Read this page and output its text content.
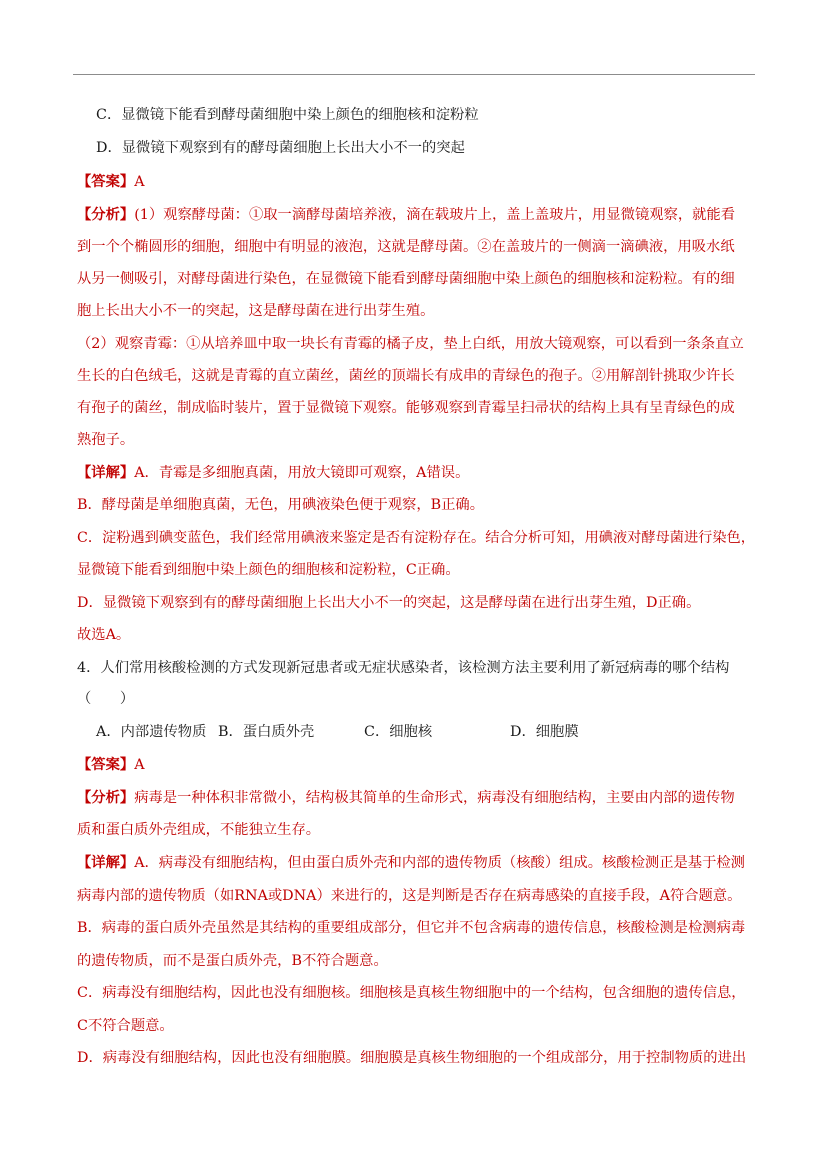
C．显微镜下能看到酵母菌细胞中染上颜色的细胞核和淀粉粒
D．显微镜下观察到有的酵母菌细胞上长出大小不一的突起
【答案】A
【分析】(1）观察酵母菌：①取一滴酵母菌培养液，滴在载玻片上，盖上盖玻片，用显微镜观察，就能看
到一个个椭圆形的细胞，细胞中有明显的液泡，这就是酵母菌。②在盖玻片的一侧滴一滴碘液，用吸水纸
从另一侧吸引，对酵母菌进行染色，在显微镜下能看到酵母菌细胞中染上颜色的细胞核和淀粉粒。有的细
胞上长出大小不一的突起，这是酵母菌在进行出芽生殖。
（2）观察青霉：①从培养皿中取一块长有青霉的橘子皮，垫上白纸，用放大镜观察，可以看到一条条直立
生长的白色绒毛，这就是青霉的直立菌丝，菌丝的顶端长有成串的青绿色的孢子。②用解剖针挑取少许长
有孢子的菌丝，制成临时装片，置于显微镜下观察。能够观察到青霉呈扫帚状的结构上具有呈青绿色的成
熟孢子。
【详解】A．青霉是多细胞真菌，用放大镜即可观察，A错误。
B．酵母菌是单细胞真菌，无色，用碘液染色便于观察，B正确。
C．淀粉遇到碘变蓝色，我们经常用碘液来鉴定是否有淀粉存在。结合分析可知，用碘液对酵母菌进行染色，
显微镜下能看到细胞中染上颜色的细胞核和淀粉粒，C正确。
D．显微镜下观察到有的酵母菌细胞上长出大小不一的突起，这是酵母菌在进行出芽生殖，D正确。
故选A。
4．人们常用核酸检测的方式发现新冠患者或无症状感染者，该检测方法主要利用了新冠病毒的哪个结构
（　　）
【答案】A
【分析】病毒是一种体积非常微小，结构极其简单的生命形式，病毒没有细胞结构，主要由内部的遗传物
质和蛋白质外壳组成，不能独立生存。
【详解】A．病毒没有细胞结构，但由蛋白质外壳和内部的遗传物质（核酸）组成。核酸检测正是基于检测
病毒内部的遗传物质（如RNA或DNA）来进行的，这是判断是否存在病毒感染的直接手段，A符合题意。
B．病毒的蛋白质外壳虽然是其结构的重要组成部分，但它并不包含病毒的遗传信息，核酸检测是检测病毒
的遗传物质，而不是蛋白质外壳，B不符合题意。
C．病毒没有细胞结构，因此也没有细胞核。细胞核是真核生物细胞中的一个结构，包含细胞的遗传信息，
C不符合题意。
D．病毒没有细胞结构，因此也没有细胞膜。细胞膜是真核生物细胞的一个组成部分，用于控制物质的进出
A．内部遗传物质 B．蛋白质外壳	C．细胞核	D．细胞膜
